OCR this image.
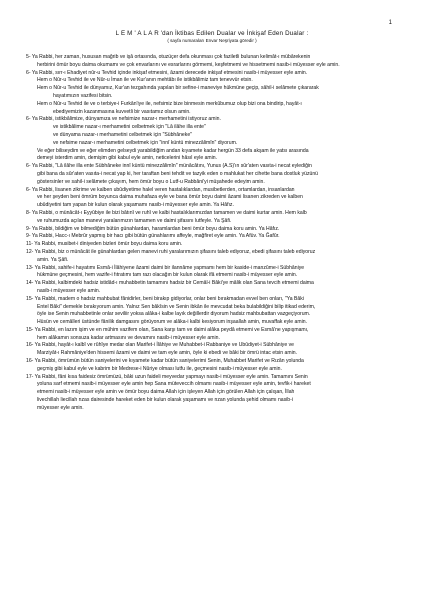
1

L E M ' A L A R 'dan İktibas Edilen Dualar ve İnkişaf Eden Dualar :

( sayfa numaraları Envar Neşriyata göredir )

5- Ya Rabbi, her zaman, hususan mağrib ve işâ ortasında, otuzüçer defa okunması çok faziletli bulunan kelimât-ı mübârekenin

herbirini ömür boyu daima okumamı ve çok envarlarını ve esrarlarını görmemi, keşfetmemi ve hissetmemi nasib-i müyesser eyle amin.

6- Ya Rabbi, sırr-ı Ehadiyet nûr-u Tevhid içinde inkişaf etmesini, âzami derecede inkişaf etmesini nasib-i müyesser eyle amin.

Hem o Nûr-u Tevhid ile ve Nûr-u İman ile ve Kur'anın mehtâbı ile istikbâlimiz tam tenevvür etsin.

Hem o Nûr-u Tevhid ile dünyamız, Kur'an tezgahında yapılan bir sefine-i maneviye hükmüne geçip, sâhil-i selâmete çıkararak

hayatımızın vazifesi bitsin.

Hem o Nûr-u Tevhid ile ve o terbiye-i Furkân'iye ile, nefsimiz bize binmesin merkûbumuz olup bizi ona bindirip, hayât-ı

ebediyemizin kazanmasına kuvvetli bir vasıtamız olsun amin.

6- Ya Rabbi, istikbâlimize, dünyamıza ve nefsimize nazar-ı merhametini istiyoruz amin.

ve istikbâlime nazar-ı merhametini celbetmek için "Lâ ilâhe illa ente"

ve dünyama nazar-ı merhametini celbetmek için "Sübhâneke"

ve nefsime nazar-ı merhametini celbetmek için "innî küntü minezzâlimîn" diyorum.

Ve eğer biliseydim ve eğer elimden gelseydi yarabildiğim andan kıyamete kadar hergün 33 defa akşam ile yatsı arasında

demeyi isterdim amin, demişim gibi kabul eyle amin, neticelerini hâsıl eyle amin.

6- Ya Rabbi, "Lâ ilâhe illa ente Sübhâneke innî küntü minezzâlimîn" münâcâtını, Yunus (A.S)'ın sûr'aten vasıta-i necat eylediğin

gibi bana da sûr'aten vasıta-i necat yap ki, her taraftan beni tehdit ve tazyik eden o mahlukat her cihette bana dostluk yüzünü

göstersinler ve sahil-i selâmete çıkayım, hem ömür boyu o Lutf-u Rabbâni'yi müşahede edeyim amin.

6- Ya Rabbi, lisanen zikrime ve kalben ubûdiyetime halel veren hastalıklardan, musibetlerden, ortamlardan, insanlardan

ve her şeyden beni ömrüm boyunca daima muhafaza eyle ve bana ömür boyu daimi âzami lisanen zikreden ve kalben

ubûdiyetini tam yapan bir kulun olarak yaşamamı nasib-i müyesser eyle amin. Ya Hâfız.

8- Ya Rabbi, o münâcât-ı Eyyûbiye ile bizi bâtınî ve ruhî ve kalbi hastalıklarımızdan tamamen ve daimi kurtar amin. Hem kalb

ve ruhumuzda açılan manevi yaralarımızın tamamen ve daimi şifasını lutfeyle. Ya Şâfi.

9- Ya Rabbi, bildiğim ve bilmediğim bütün günahlardan, haramlardan beni ömür boyu daima koru amin. Ya Hâfız.

9- Ya Rabbi, Hacc-ı Mebrûr yapmış bir hacı gibi bütün günahlarımı affeyle, mağfiret eyle amin. Ya Afüv. Ya Ğafûr.

11- Ya Rabbi, musibet-i diniyeden bizleri ömür boyu daima koru amin.

12- Ya Rabbi, biz o münâcât ile günahlardan gelen manevi ruhi yaralarımızın şifasını taleb ediyoruz, ebedi şifasını taleb ediyoruz

amin. Ya Şâfi.

13- Ya Rabbi, sahife-i hayatımı Esmâ-i İlâhiyene âzami daimi bir ilannâme yapmamı hem bir kaside-i manzûme-i Sübhâniye

hükmüne geçmesini, hem vazife-i fıtratımı tam razı olacağın bir kulun olarak ifâ etmemi nasib-i müyesser eyle amin.

14- Ya Rabbi, kalbimdeki hadsiz istidâd-ı muhabbetin tamamını hadsiz bir Cemâl-i Bâki'ye mâlik olan Sana tevcih etmemi daima

nasib-i müyesser eyle amin.

15- Ya Rabbi, madem o hadsiz mahbubat fânidirler, beni birakıp gidiyorlar, onlar beni bırakmadan evvel ben onları, "Ya Bâki

Entel Bâki" demekle bırakıyorum amin. Yalnız Sen bâkîsin ve Senin ibkân ile mevcudat beka bulabildiğini bilip itikad ederim,

öyle ise Senin muhabbetinle onlar seviliir yoksa alâka-i kalbe layık değillerdir diyorum hadsiz mahbubattan vazgeçiyorum.

Hüsün ve cemâlleri üstünde fânilik damgasını görüyorum ve alâka-i kalbi kesiyorum inşaallah amin, muvaffak eyle amin.

15- Ya Rabbi, en lazım işim ve en mühim vazifem olan, Sana karşı tam ve daimi alâka peydâ etmemi ve Esmâ'ne yapışmamı,

hem alâkamın sonsuza kadar artmasını ve devamını nasib-i müyesser eyle amin.

16- Ya Rabbi, hayât-ı kalbî ve rûhîye medar olan Marifet-i İlâhiye ve Muhabbet-i Rabbaniye ve Ubûdiyet-i Sübhâniye ve

Marziyât-ı Rahmâniye'den hissemi âzami ve daimi ve tam eyle amin, öyle ki ebedi ve bâki bir ömrü intac etsin amin.

16- Ya Rabbi, ömrümün bütün saniyelerini ve kıyamete kadar bütün saniyelerimi Senin, Muhabbet Marifet ve Rızân yolunda

geçmiş gibi kabul eyle ve kabrim bir Medrese-i Nûriye olması lutfu ile, geçmesini nasib-i müyesser eyle amin.

17- Ya Rabbi, fâni kısa faidesiz ömrümüzü, bâki uzun faideli meyvedar yapmayı nasib-i müyesser eyle amin. Tamamını Senin

yoluna sarf etmemi nasib-i müyesser eyle amin hep Sana müteveccih olmamı nasib-i müyesser eyle amin, tevfik-i hareket

etmemi nasib-i müyesser eyle amin ve ömür boyu daima Allah için işleyen Allah için görülen Allah için çalışan, İllah

livechillah liecillah nzas dairesinde hareket eden bir kulun olarak yaşamamı ve nzan yolunda şehid olmamı nasib-i

müyesser eyle amin.
